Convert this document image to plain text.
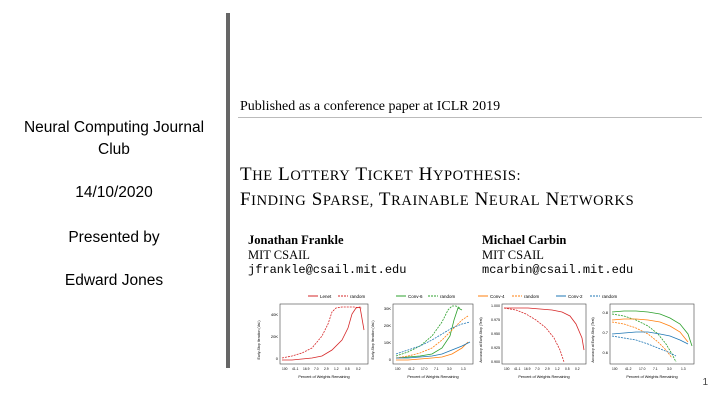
Neural Computing Journal
Club
14/10/2020
Presented by
Edward Jones
Published as a conference paper at ICLR 2019
THE LOTTERY TICKET HYPOTHESIS:
FINDING SPARSE, TRAINABLE NEURAL NETWORKS
Jonathan Frankle
MIT CSAIL
jfrankle@csail.mit.edu
Michael Carbin
MIT CSAIL
mcarbin@csail.mit.edu
Lenet	random	Conv-6	random	Conv-4	random	Conv-2	random
Early-Stop Iteration (Val.)
40K
20K
0
100 41.1 16.9 7.0 2.9 1.2 0.5 0.2
Percent of Weights Remaining
Early-Stop Iteration (Val.)
30K
20K
10K
0
100 41.2 17.0 7.1	3.0	1.3
Percent of Weights Remaining
Accuracy at Early-Stop (Test)
1.000
0.975
0.950
0.925
0.900
100 41.1 16.9 7.0 2.9 1.2 0.5 0.2
Percent of Weights Remaining
Accuracy at Early-Stop (Test)
0.8
0.7
0.6
100 41.2 17.0 7.1	3.0	1.3
Percent of Weights Remaining 1
